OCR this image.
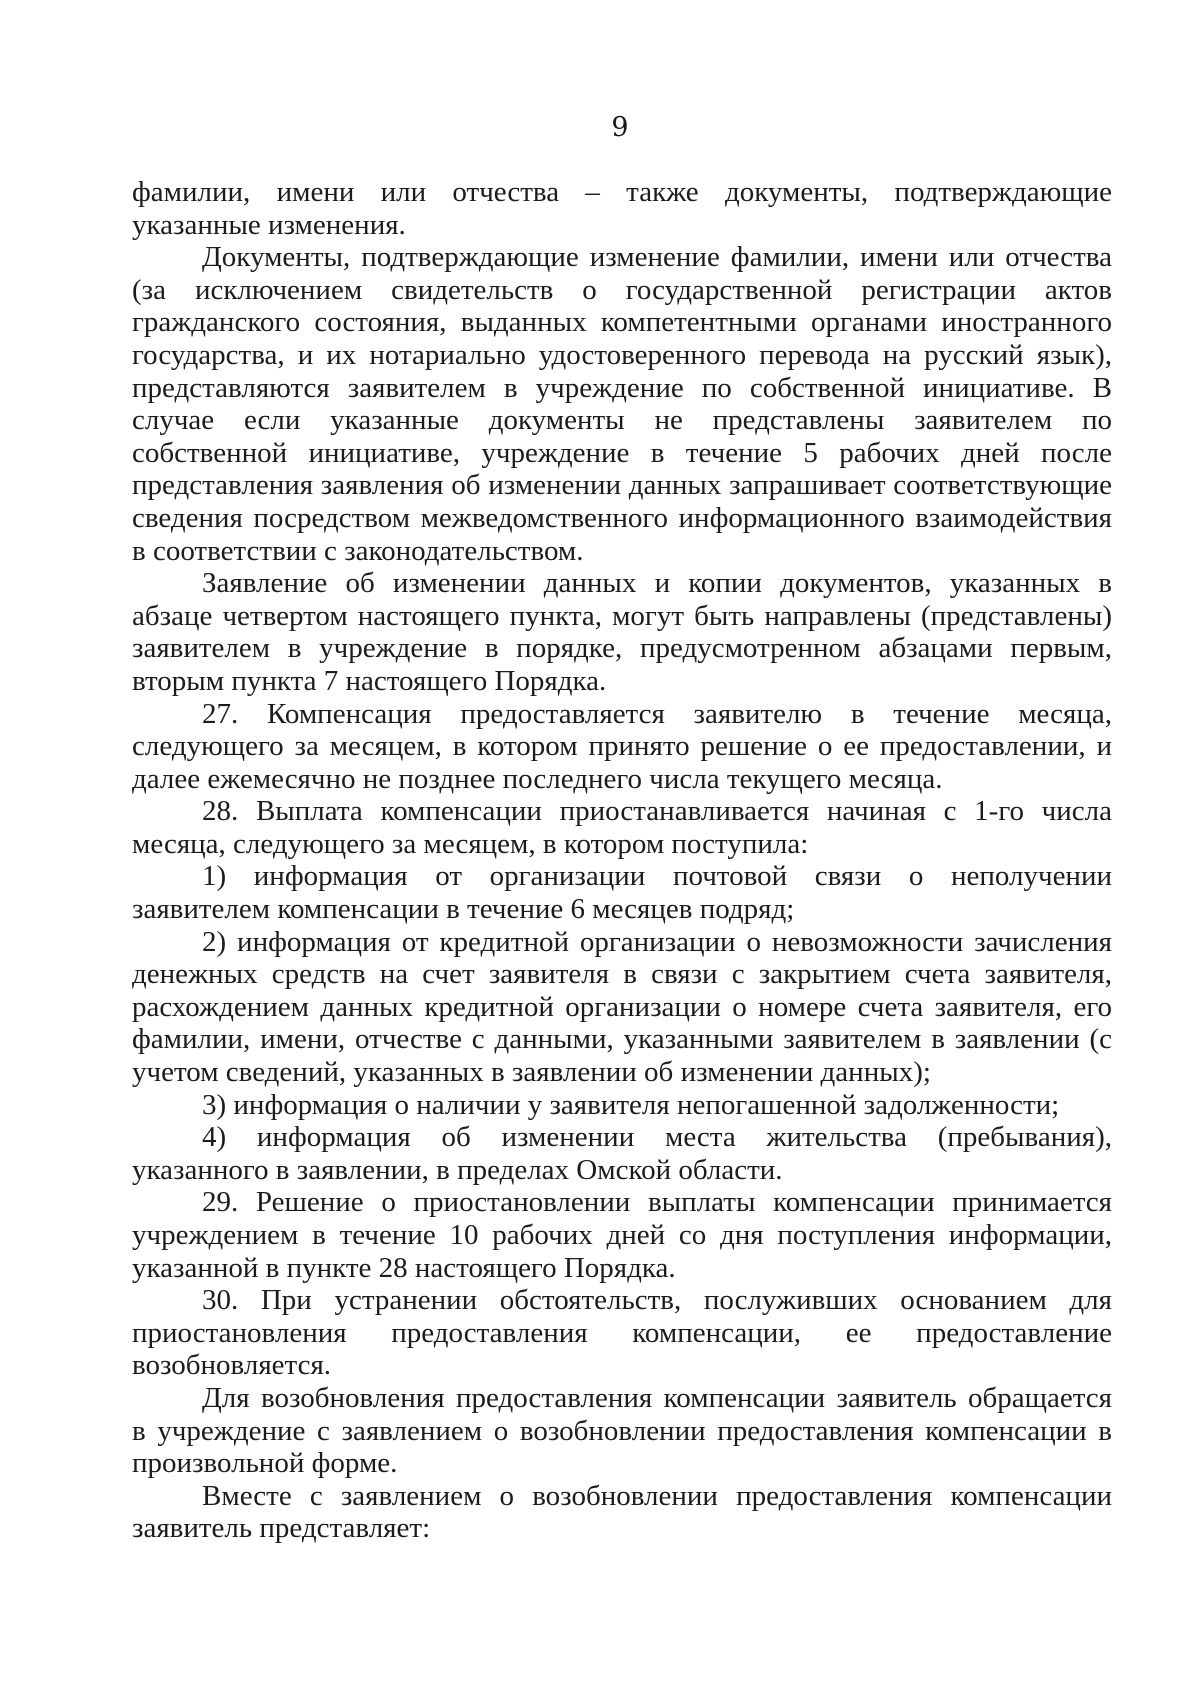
9

фамилии, имени или отчества – также документы, подтверждающие указанные изменения.

Документы, подтверждающие изменение фамилии, имени или отчества (за исключением свидетельств о государственной регистрации актов гражданского состояния, выданных компетентными органами иностранного государства, и их нотариально удостоверенного перевода на русский язык), представляются заявителем в учреждение по собственной инициативе. В случае если указанные документы не представлены заявителем по собственной инициативе, учреждение в течение 5 рабочих дней после представления заявления об изменении данных запрашивает соответствующие сведения посредством межведомственного информационного взаимодействия в соответствии с законодательством.

Заявление об изменении данных и копии документов, указанных в абзаце четвертом настоящего пункта, могут быть направлены (представлены) заявителем в учреждение в порядке, предусмотренном абзацами первым, вторым пункта 7 настоящего Порядка.

27. Компенсация предоставляется заявителю в течение месяца, следующего за месяцем, в котором принято решение о ее предоставлении, и далее ежемесячно не позднее последнего числа текущего месяца.

28. Выплата компенсации приостанавливается начиная с 1-го числа месяца, следующего за месяцем, в котором поступила:

1) информация от организации почтовой связи о неполучении заявителем компенсации в течение 6 месяцев подряд;

2) информация от кредитной организации о невозможности зачисления денежных средств на счет заявителя в связи с закрытием счета заявителя, расхождением данных кредитной организации о номере счета заявителя, его фамилии, имени, отчестве с данными, указанными заявителем в заявлении (с учетом сведений, указанных в заявлении об изменении данных);

3) информация о наличии у заявителя непогашенной задолженности;

4) информация об изменении места жительства (пребывания), указанного в заявлении, в пределах Омской области.

29. Решение о приостановлении выплаты компенсации принимается учреждением в течение 10 рабочих дней со дня поступления информации, указанной в пункте 28 настоящего Порядка.

30. При устранении обстоятельств, послуживших основанием для приостановления предоставления компенсации, ее предоставление возобновляется.

Для возобновления предоставления компенсации заявитель обращается в учреждение с заявлением о возобновлении предоставления компенсации в произвольной форме.

Вместе с заявлением о возобновлении предоставления компенсации заявитель представляет:
